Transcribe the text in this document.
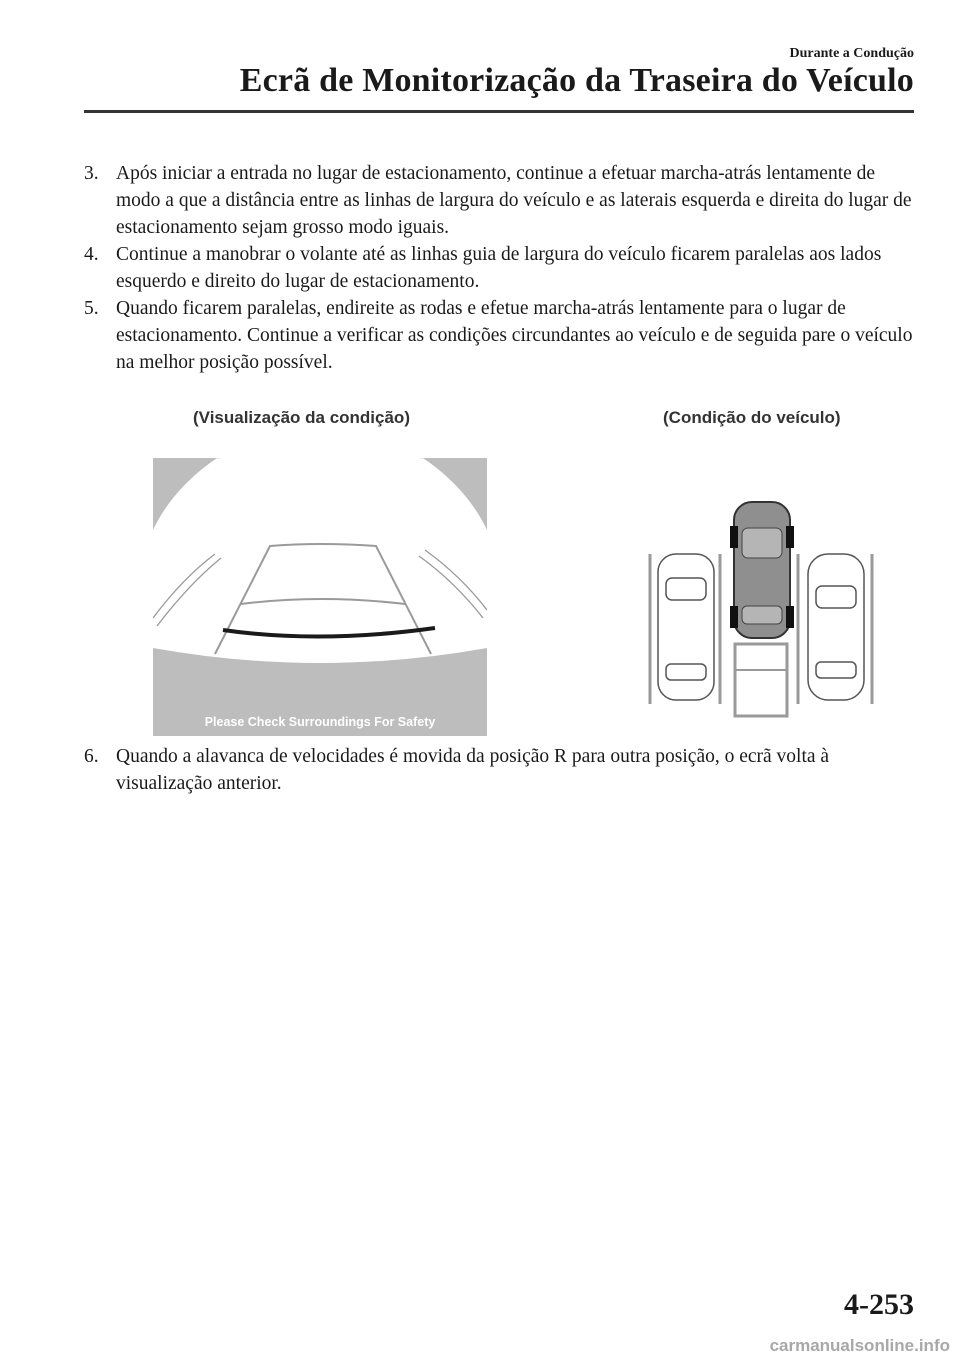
Durante a Condução
Ecrã de Monitorização da Traseira do Veículo
3. Após iniciar a entrada no lugar de estacionamento, continue a efetuar marcha-atrás lentamente de modo a que a distância entre as linhas de largura do veículo e as laterais esquerda e direita do lugar de estacionamento sejam grosso modo iguais.
4. Continue a manobrar o volante até as linhas guia de largura do veículo ficarem paralelas aos lados esquerdo e direito do lugar de estacionamento.
5. Quando ficarem paralelas, endireite as rodas e efetue marcha-atrás lentamente para o lugar de estacionamento. Continue a verificar as condições circundantes ao veículo e de seguida pare o veículo na melhor posição possível.
(Visualização da condição)	(Condição do veículo)
Please Check Surroundings For Safety
6. Quando a alavanca de velocidades é movida da posição R para outra posição, o ecrã volta à visualização anterior.
4-253
carmanualsonline.info
